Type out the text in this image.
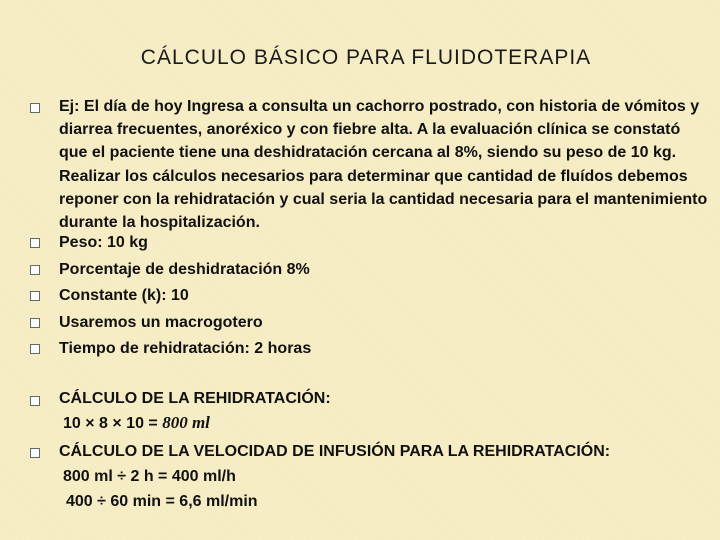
CÁLCULO BÁSICO PARA FLUIDOTERAPIA
Ej: El día de hoy Ingresa a consulta un cachorro postrado, con historia de vómitos y diarrea frecuentes, anoréxico y con fiebre alta. A la evaluación clínica se constató que el paciente tiene una deshidratación cercana al 8%, siendo su peso de 10 kg. Realizar los cálculos necesarios para determinar que cantidad de fluídos debemos reponer con la rehidratación y cual seria la cantidad necesaria para el mantenimiento durante la hospitalización.
Peso: 10 kg
Porcentaje de deshidratación 8%
Constante (k): 10
Usaremos un macrogotero
Tiempo de rehidratación: 2 horas
CÁLCULO DE LA REHIDRATACIÓN:
10 × 8 × 10 = 800 ml
CÁLCULO DE LA VELOCIDAD DE INFUSIÓN PARA LA REHIDRATACIÓN:
800 ml ÷ 2 h = 400 ml/h
400 ÷ 60 min = 6,6 ml/min
